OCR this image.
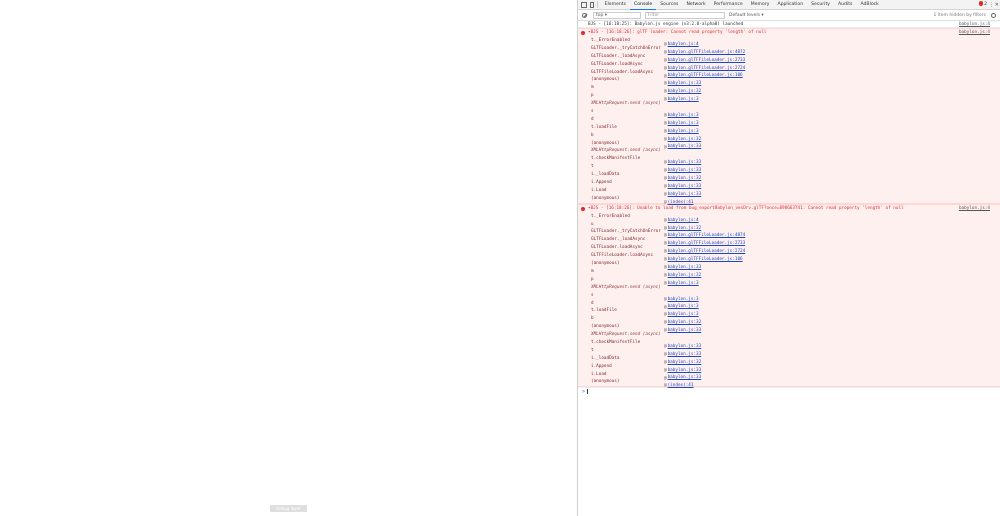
Debug layer
Elements	Console	Sources	Network	Performance	Memory	Application	Security	Audits	AdBlock	2 ⋮ ✕
top ▾	Filter	Default levels ▾	1 item hidden by filters
BJS - [16:18:25]: Babylon.js engine (v3.2.0-alpha8) launched	babylon.js:4
▾BJS - [16:18:26]: glTF loader: Cannot read property 'length' of null	babylon.js:4
t._ErrorEnabled@babylon.js:4
GLTFLoader._tryCatchOnError@babylon.glTFFileLoader.js:4872
GLTFLoader._loadAsync@babylon.glTFFileLoader.js:2733
GLTFLoader.loadAsync@babylon.glTFFileLoader.js:2724
GLTFFileLoader.loadAsync@babylon.glTFFileLoader.js:186
(anonymous)@babylon.js:33
m@babylon.js:32
p@babylon.js:3
XMLHttpRequest.send (async)
s@babylon.js:3
d@babylon.js:3
t.loadFile@babylon.js:3
b@babylon.js:32
(anonymous)@babylon.js:33
XMLHttpRequest.send (async)
t.checkManifestFile@babylon.js:33
t@babylon.js:33
i._loadData@babylon.js:32
i.Append@babylon.js:33
i.Load@babylon.js:33
(anonymous)@(index):41
▾BJS - [16:18:26]: Unable to load from bug_export8abylon_vesDrv.glTF?once=898663741: Cannot read property 'length' of null	babylon.js:4
t._ErrorEnabled@babylon.js:4
u@babylon.js:32
GLTFLoader._tryCatchOnError@babylon.glTFFileLoader.js:4874
GLTFLoader._loadAsync@babylon.glTFFileLoader.js:2733
GLTFLoader.loadAsync@babylon.glTFFileLoader.js:2724
GLTFFileLoader.loadAsync@babylon.glTFFileLoader.js:186
(anonymous)@babylon.js:33
m@babylon.js:32
p@babylon.js:3
XMLHttpRequest.send (async)
s@babylon.js:3
d@babylon.js:3
t.loadFile@babylon.js:3
b@babylon.js:32
(anonymous)@babylon.js:33
XMLHttpRequest.send (async)
t.checkManifestFile@babylon.js:33
t@babylon.js:33
i._loadData@babylon.js:32
i.Append@babylon.js:33
i.Load@babylon.js:33
(anonymous)@(index):41
>
